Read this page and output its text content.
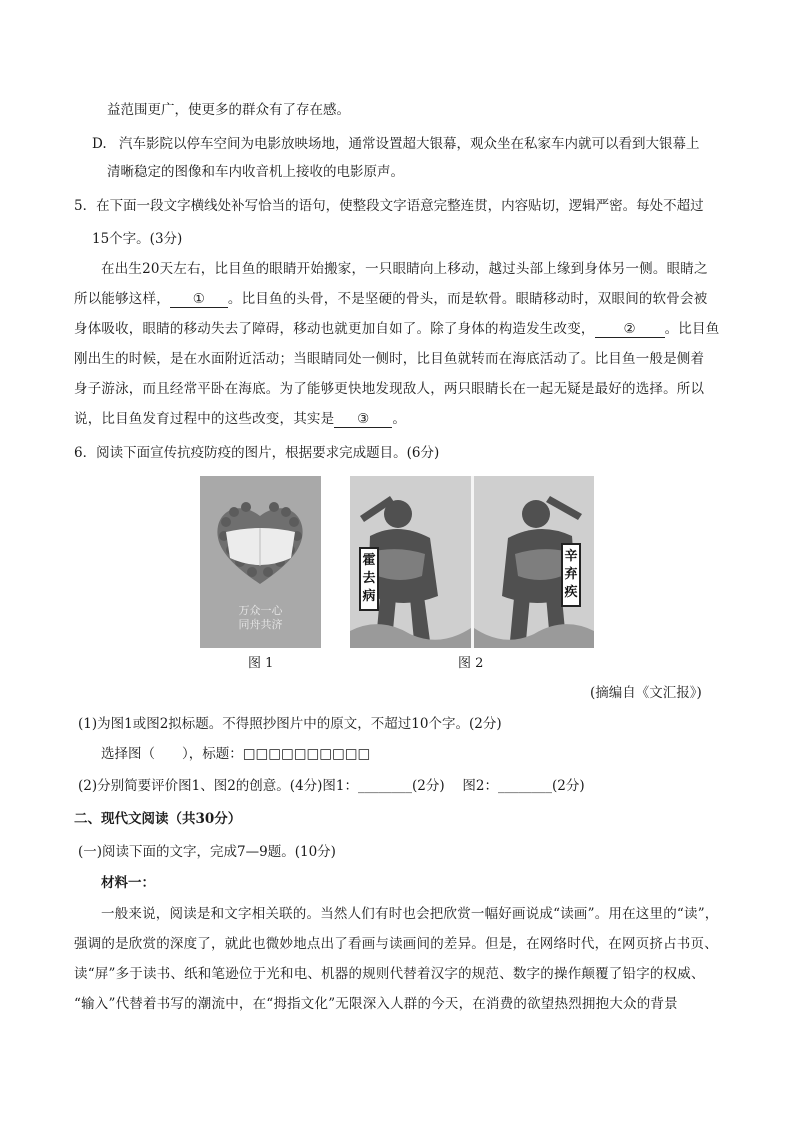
益范围更广，使更多的群众有了存在感。
D. 汽车影院以停车空间为电影放映场地，通常设置超大银幕，观众坐在私家车内就可以看到大银幕上
清晰稳定的图像和车内收音机上接收的电影原声。
5．在下面一段文字横线处补写恰当的语句，使整段文字语意完整连贯，内容贴切，逻辑严密。每处不超过
15个字。(3分)
在出生20天左右，比目鱼的眼睛开始搬家，一只眼睛向上移动，越过头部上缘到身体另一侧。眼睛之
所以能够这样， ① 。比目鱼的头骨，不是坚硬的骨头，而是软骨。眼睛移动时，双眼间的软骨会被
身体吸收，眼睛的移动失去了障碍，移动也就更加自如了。除了身体的构造发生改变， ② 。比目鱼
刚出生的时候，是在水面附近活动；当眼睛同处一侧时，比目鱼就转而在海底活动了。比目鱼一般是侧着
身子游泳，而且经常平卧在海底。为了能够更快地发现敌人，两只眼睛长在一起无疑是最好的选择。所以
说，比目鱼发育过程中的这些改变，其实是 ③ 。
6．阅读下面宣传抗疫防疫的图片，根据要求完成题目。(6分)
万众一心
同舟共济
霍去病
辛弃疾
图 1	图 2
(摘编自《文汇报》)
(1)为图1或图2拟标题。不得照抄图片中的原文，不超过10个字。(2分)
选择图（　　），标题：□□□□□□□□□□
(2)分别简要评价图1、图2的创意。(4分)图1：________(2分)　 图2：________(2分)
二、现代文阅读（共30分）
(一)阅读下面的文字，完成7—9题。(10分)
材料一：
一般来说，阅读是和文字相关联的。当然人们有时也会把欣赏一幅好画说成“读画”。用在这里的“读”，
强调的是欣赏的深度了，就此也微妙地点出了看画与读画间的差异。但是，在网络时代，在网页挤占书页、
读“屏”多于读书、纸和笔逊位于光和电、机器的规则代替着汉字的规范、数字的操作颠覆了铅字的权威、
“输入”代替着书写的潮流中，在“拇指文化”无限深入人群的今天，在消费的欲望热烈拥抱大众的背景
